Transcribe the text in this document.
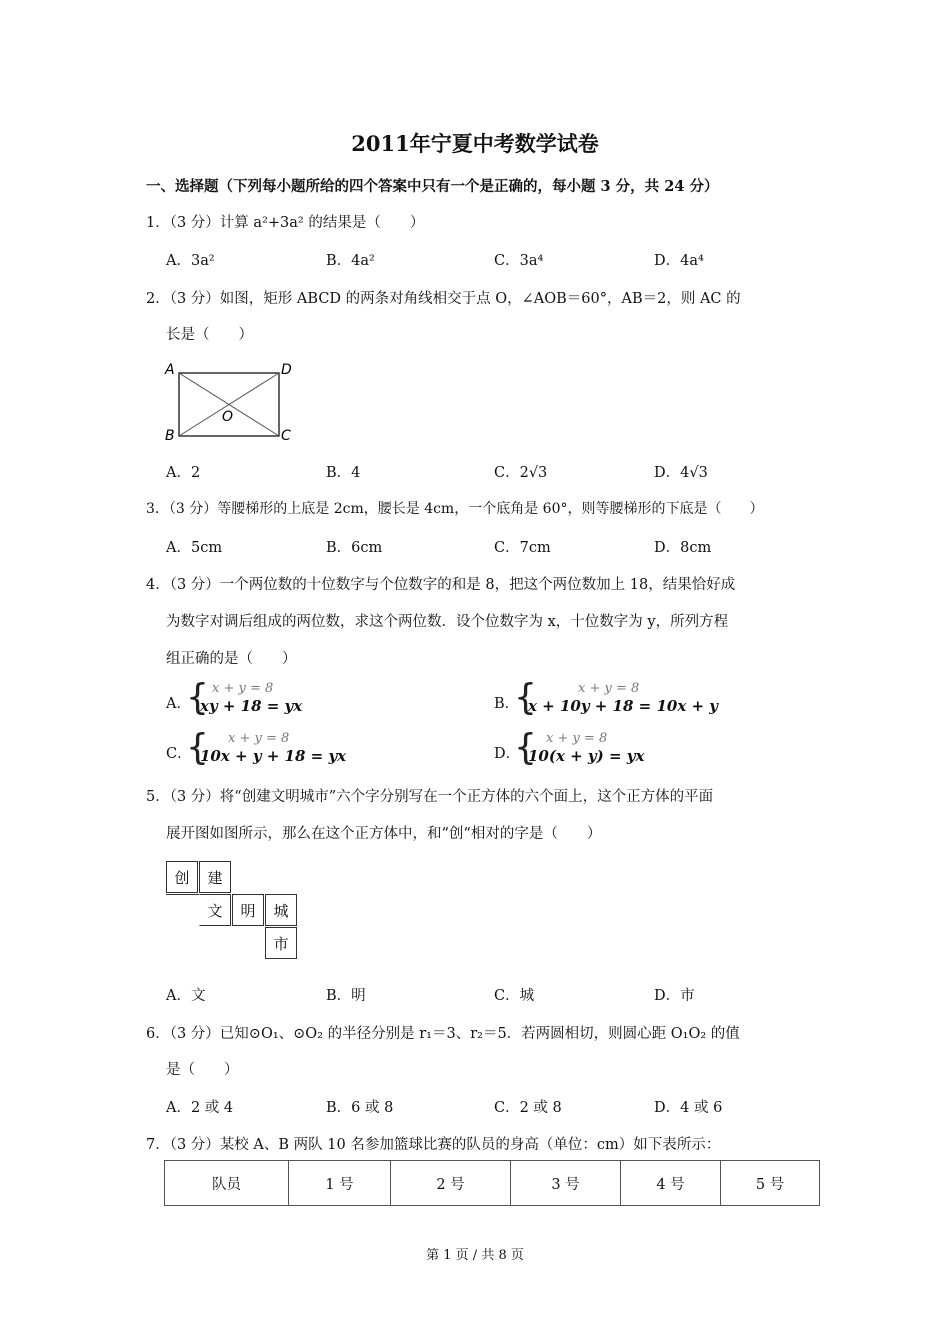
2011年宁夏中考数学试卷
一、选择题（下列每小题所给的四个答案中只有一个是正确的，每小题 3 分，共 24 分）
1．（3 分）计算 a²+3a² 的结果是（　　）
A．3a²	B．4a²	C．3a⁴	D．4a⁴
2．（3 分）如图，矩形 ABCD 的两条对角线相交于点 O，∠AOB＝60°，AB＝2，则 AC 的
长是（　　）
A
B	C
D
O
A．2	B．4	C．2√3	D．4√3
3．（3 分）等腰梯形的上底是 2cm，腰长是 4cm，一个底角是 60°，则等腰梯形的下底是（　　）
A．5cm	B．6cm	C．7cm	D．8cm
4．（3 分）一个两位数的十位数字与个位数字的和是 8，把这个两位数加上 18，结果恰好成
为数字对调后组成的两位数，求这个两位数．设个位数字为 x，十位数字为 y，所列方程
组正确的是（　　）
A．
{ x + y = 8
xy + 18 = yx	B．
{	x + y = 8
x + 10y + 18 = 10x + y
C．
{ x + y = 8
10x + y + 18 = yx	D．
{ x + y = 8
10(x + y) = yx
5．（3 分）将“创建文明城市”六个字分别写在一个正方体的六个面上，这个正方体的平面
展开图如图所示，那么在这个正方体中，和“创“相对的字是（　　）
创	建
文	明	城
市
A．文	B．明	C．城	D．市
6．（3 分）已知⊙O₁、⊙O₂ 的半径分别是 r₁＝3、r₂＝5．若两圆相切，则圆心距 O₁O₂ 的值
是（　　）
A．2 或 4	B．6 或 8	C．2 或 8	D．4 或 6
7．（3 分）某校 A、B 两队 10 名参加篮球比赛的队员的身高（单位：cm）如下表所示：
队员	1 号	2 号	3 号	4 号	5 号
第 1 页 / 共 8 页
